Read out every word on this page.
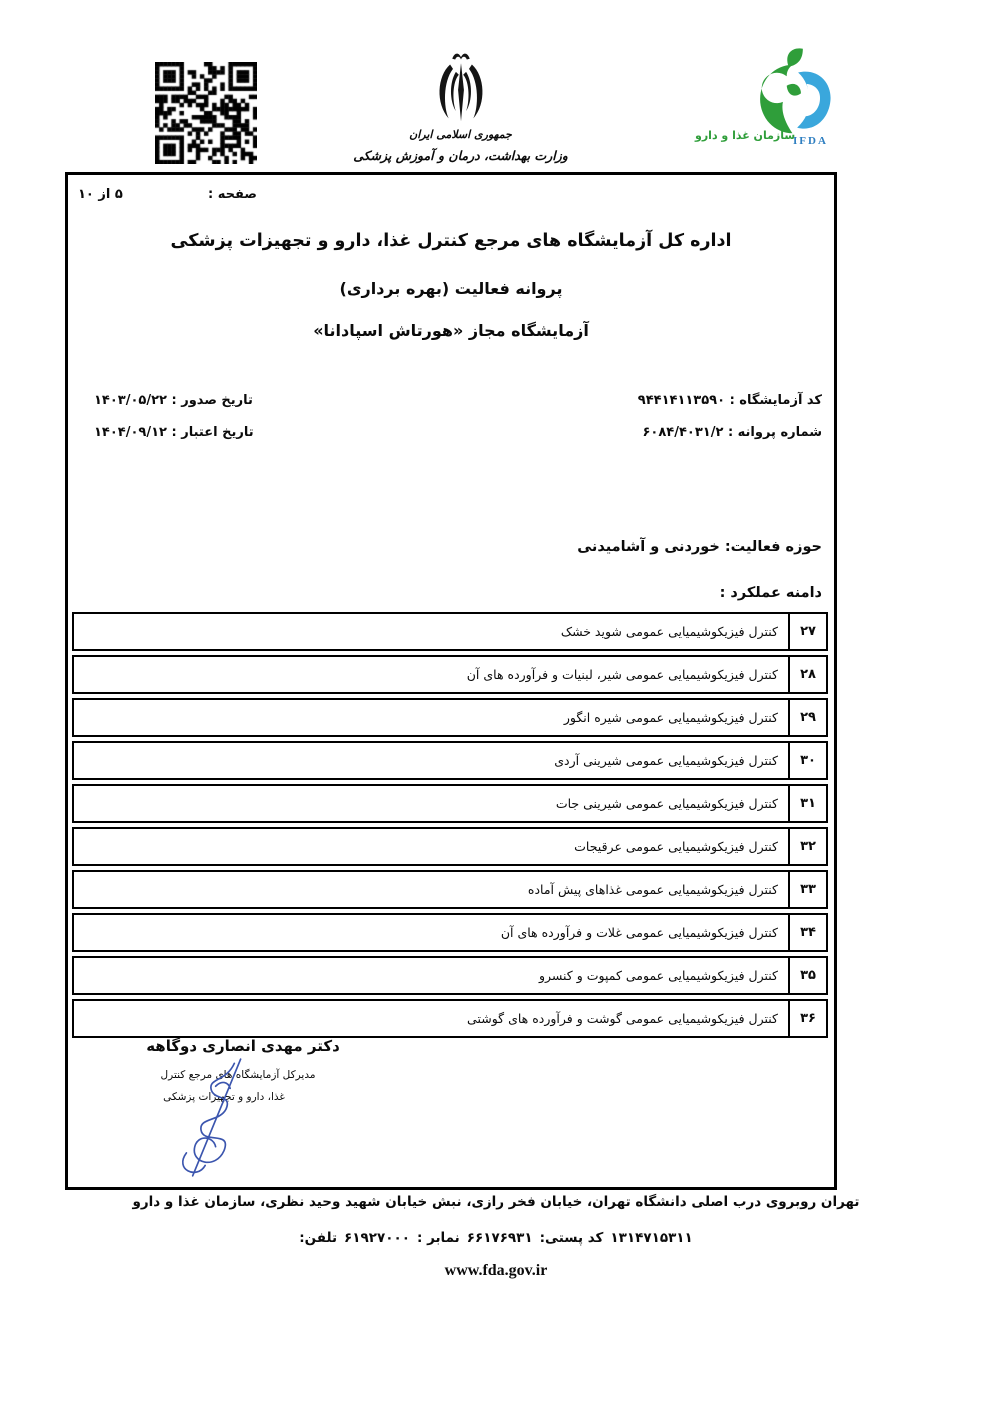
جمهوری اسلامی ایران
وزارت بهداشت، درمان و آموزش پزشکی
سازمان غذا و دارو
IFDA
صفحه :
۵ از ۱۰
اداره کل آزمایشگاه های مرجع کنترل غذا، دارو و تجهیزات پزشکی
پروانه فعالیت (بهره برداری)
آزمایشگاه مجاز «هورتاش اسپادانا»
کد آزمایشگاه : ۹۴۴۱۴۱۱۳۵۹۰
شماره پروانه : ۶۰۸۴/۴۰۳۱/۲
تاریخ صدور : ۱۴۰۳/۰۵/۲۲
تاریخ اعتبار : ۱۴۰۴/۰۹/۱۲
حوزه فعالیت: خوردنی و آشامیدنی
دامنه عملکرد :
۲۷
کنترل فیزیکوشیمیایی عمومی شوید خشک
۲۸
کنترل فیزیکوشیمیایی عمومی شیر، لبنیات و فرآورده های آن
۲۹
کنترل فیزیکوشیمیایی عمومی شیره انگور
۳۰
کنترل فیزیکوشیمیایی عمومی شیرینی آردی
۳۱
کنترل فیزیکوشیمیایی عمومی شیرینی جات
۳۲
کنترل فیزیکوشیمیایی عمومی عرقیجات
۳۳
کنترل فیزیکوشیمیایی عمومی غذاهای پیش آماده
۳۴
کنترل فیزیکوشیمیایی عمومی غلات و فرآورده های آن
۳۵
کنترل فیزیکوشیمیایی عمومی کمپوت و کنسرو
۳۶
کنترل فیزیکوشیمیایی عمومی گوشت و فرآورده های گوشتی
دکتر مهدی انصاری دوگاهه
مدیرکل آزمایشگاه های مرجع کنترل
غذا، دارو و تجهیزات پزشکی
تهران روبروی درب اصلی دانشگاه تهران، خیابان فخر رازی، نبش خیابان شهید وحید نظری، سازمان غذا و دارو
تلفن: ۶۱۹۲۷۰۰۰ نمابر : ۶۶۱۷۶۹۳۱ کد پستی: ۱۳۱۴۷۱۵۳۱۱
www.fda.gov.ir
